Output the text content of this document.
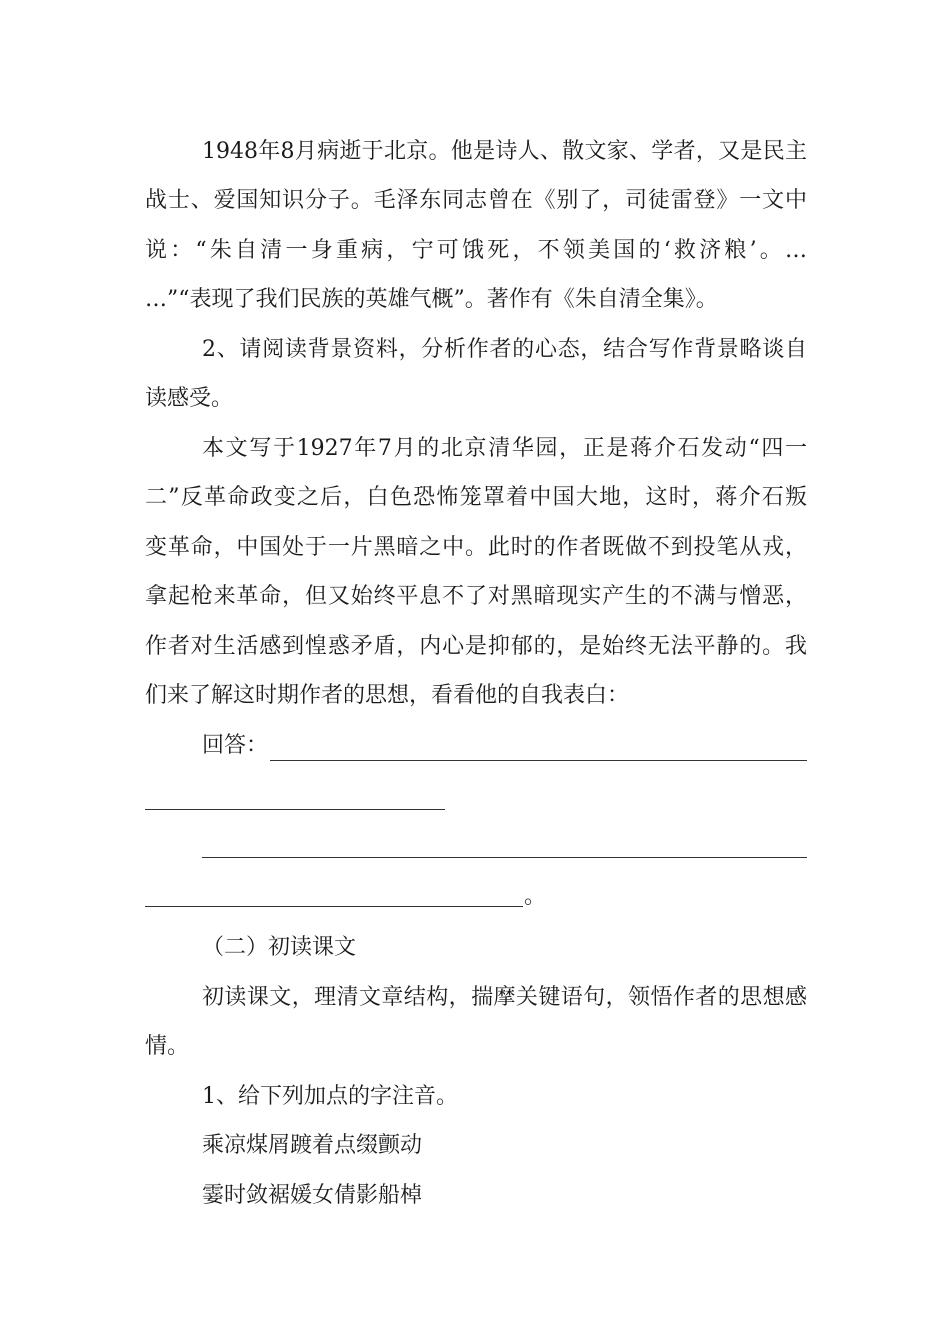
1948年8月病逝于北京。他是诗人、散文家、学者，又是民主
战士、爱国知识分子。毛泽东同志曾在《别了，司徒雷登》一文中
说：“朱自清一身重病，宁可饿死，不领美国的‘救济粮’。…
…”“表现了我们民族的英雄气概”。著作有《朱自清全集》。
2、请阅读背景资料，分析作者的心态，结合写作背景略谈自
读感受。
本文写于1927年7月的北京清华园，正是蒋介石发动“四一
二”反革命政变之后，白色恐怖笼罩着中国大地，这时，蒋介石叛
变革命，中国处于一片黑暗之中。此时的作者既做不到投笔从戎，
拿起枪来革命，但又始终平息不了对黑暗现实产生的不满与憎恶，
作者对生活感到惶惑矛盾，内心是抑郁的，是始终无法平静的。我
们来了解这时期作者的思想，看看他的自我表白：
回答：
。
（二）初读课文
初读课文，理清文章结构，揣摩关键语句，领悟作者的思想感
情。
1、给下列加点的字注音。
乘凉煤屑踱着点缀颤动
霎时敛裾媛女倩影船棹
